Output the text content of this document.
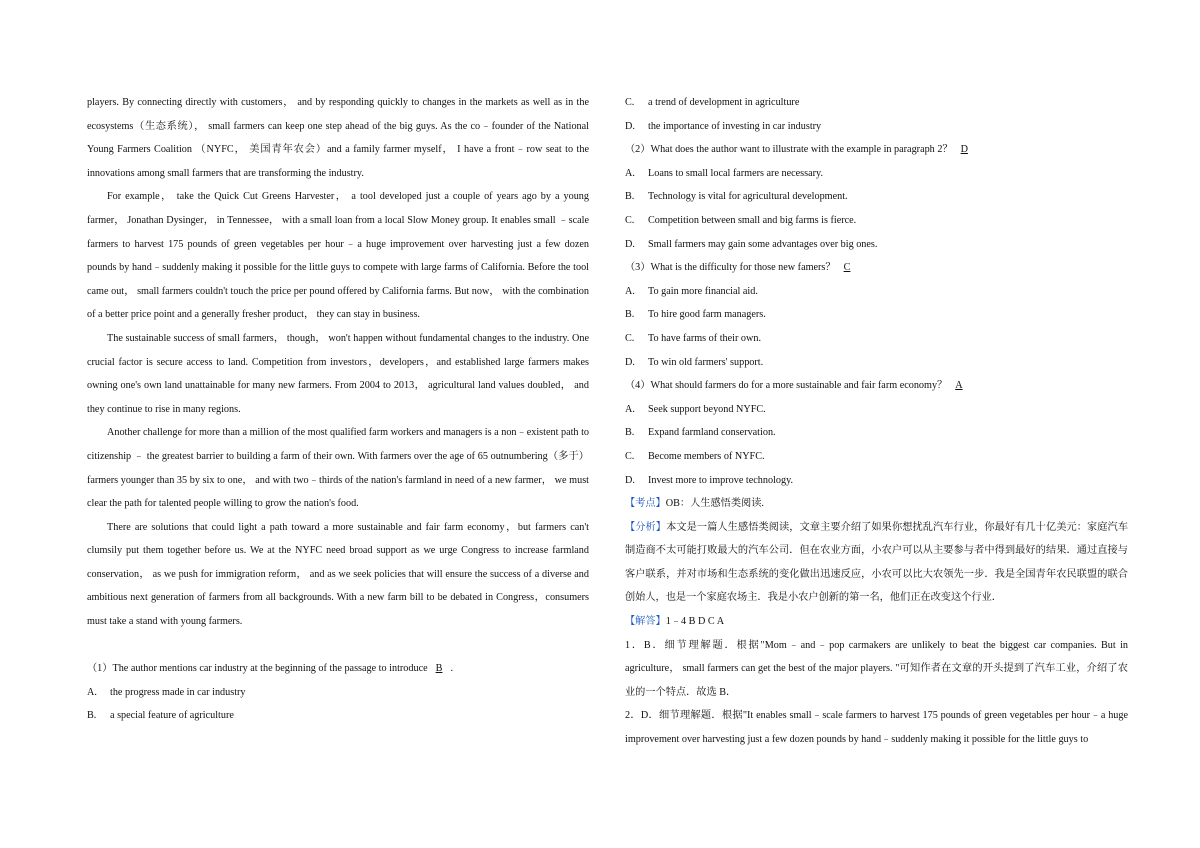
players. By connecting directly with customers， and by responding quickly to changes in the markets as well as in the ecosystems（生态系统）， small farmers can keep one step ahead of the big guys. As the co﹣founder of the National Young Farmers Coalition （NYFC， 美国青年农会）and a family farmer myself， I have a front﹣row seat to the innovations among small farmers that are transforming the industry.

For example， take the Quick Cut Greens Harvester， a tool developed just a couple of years ago by a young farmer， Jonathan Dysinger， in Tennessee， with a small loan from a local Slow Money group. It enables small ﹣scale farmers to harvest 175 pounds of green vegetables per hour﹣a huge improvement over harvesting just a few dozen pounds by hand﹣suddenly making it possible for the little guys to compete with large farms of California. Before the tool came out， small farmers couldn't touch the price per pound offered by California farms. But now， with the combination of a better price point and a generally fresher product， they can stay in business.

The sustainable success of small farmers， though， won't happen without fundamental changes to the industry. One crucial factor is secure access to land. Competition from investors，developers，and established large farmers makes owning one's own land unattainable for many new farmers. From 2004 to 2013， agricultural land values doubled， and they continue to rise in many regions.

Another challenge for more than a million of the most qualified farm workers and managers is a non﹣existent path to citizenship ﹣ the greatest barrier to building a farm of their own. With farmers over the age of 65 outnumbering（多于）farmers younger than 35 by six to one， and with two﹣thirds of the nation's farmland in need of a new farmer， we must clear the path for talented people willing to grow the nation's food.

There are solutions that could light a path toward a more sustainable and fair farm economy，but farmers can't clumsily put them together before us. We at the NYFC need broad support as we urge Congress to increase farmland conservation， as we push for immigration reform， and as we seek policies that will ensure the success of a diverse and ambitious next generation of farmers from all backgrounds. With a new farm bill to be debated in Congress，consumers must take a stand with young farmers.

（1）The author mentions car industry at the beginning of the passage to introduce B .

A. the progress made in car industry

B. a special feature of agriculture

C. a trend of development in agriculture

D. the importance of investing in car industry

（2）What does the author want to illustrate with the example in paragraph 2？ D

A. Loans to small local farmers are necessary.

B. Technology is vital for agricultural development.

C. Competition between small and big farms is fierce.

D. Small farmers may gain some advantages over big ones.

（3）What is the difficulty for those new famers？ C

A. To gain more financial aid.

B. To hire good farm managers.

C. To have farms of their own.

D. To win old farmers' support.

（4）What should farmers do for a more sustainable and fair farm economy？ A

A. Seek support beyond NYFC.

B. Expand farmland conservation.

C. Become members of NYFC.

D. Invest more to improve technology.

【考点】OB：人生感悟类阅读.

【分析】本文是一篇人生感悟类阅读，文章主要介绍了如果你想扰乱汽车行业，你最好有几十亿美元：家庭汽车制造商不太可能打败最大的汽车公司．但在农业方面，小农户可以从主要参与者中得到最好的结果．通过直接与客户联系，并对市场和生态系统的变化做出迅速反应，小农可以比大农领先一步．我是全国青年农民联盟的联合创始人，也是一个家庭农场主．我是小农户创新的第一名，他们正在改变这个行业．

【解答】1﹣4 B D C A

1．B．细节理解题．根据"Mom﹣and﹣pop carmakers are unlikely to beat the biggest car companies. But in agriculture， small farmers can get the best of the major players. "可知作者在文章的开头提到了汽车工业，介绍了农业的一个特点．故选 B．

2．D．细节理解题．根据"It enables small﹣scale farmers to harvest 175 pounds of green vegetables per hour﹣a huge improvement over harvesting just a few dozen pounds by hand﹣suddenly making it possible for the little guys to
